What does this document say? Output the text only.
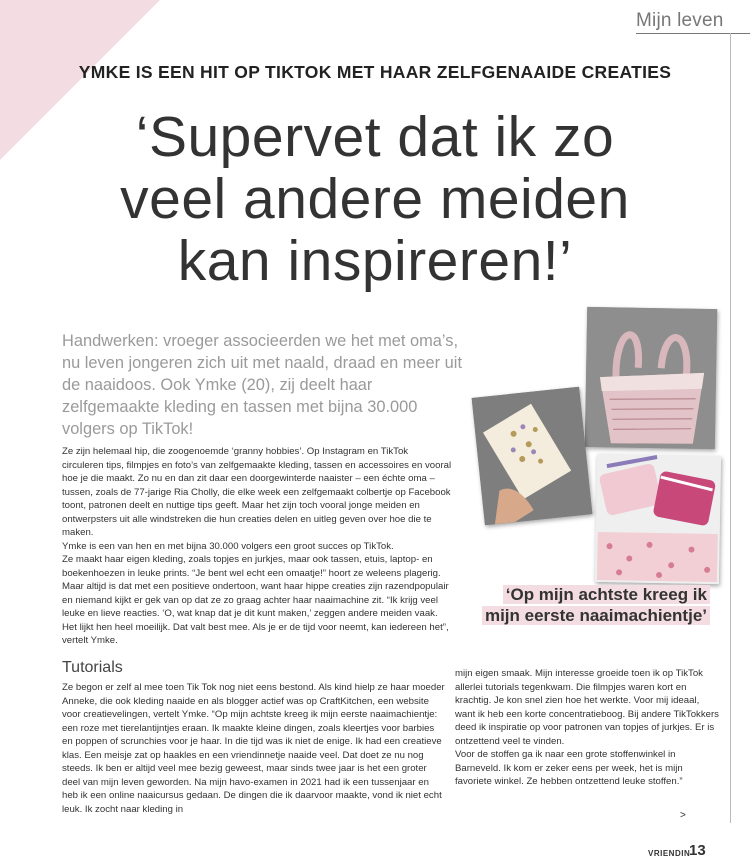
Mijn leven
YMKE IS EEN HIT OP TIKTOK MET HAAR ZELFGENAAIDE CREATIES
‘Supervet dat ik zo
veel andere meiden
kan inspireren!’
Handwerken: vroeger associeerden we het met oma’s, nu leven jongeren zich uit met naald, draad en meer uit de naaidoos. Ook Ymke (20), zij deelt haar zelfgemaakte kleding en tassen met bijna 30.000 volgers op TikTok!

Ze zijn helemaal hip, die zoogenoemde ‘granny hobbies’. Op Instagram en TikTok circuleren tips, filmpjes en foto’s van zelfgemaakte kleding, tassen en accessoires en vooral hoe je die maakt. Zo nu en dan zit daar een doorgewinterde naaister – een échte oma – tussen, zoals de 77-jarige Ria Cholly, die elke week een zelfgemaakt colbertje op Facebook toont, patronen deelt en nuttige tips geeft. Maar het zijn toch vooral jonge meiden en ontwerpsters uit alle windstreken die hun creaties delen en uitleg geven over hoe die te maken.

Ymke is een van hen en met bijna 30.000 volgers een groot succes op TikTok.

Ze maakt haar eigen kleding, zoals topjes en jurkjes, maar ook tassen, etuis, laptop- en boekenhoezen in leuke prints. “Je bent wel echt een omaatje!” hoort ze weleens plagerig. Maar altijd is dat met een positieve ondertoon, want haar hippe creaties zijn razendpopulair en niemand kijkt er gek van op dat ze zo graag achter haar naaimachine zit. “Ik krijg veel leuke en lieve reacties. ‘O, wat knap dat je dit kunt maken,’ zeggen andere meiden vaak. Het lijkt hen heel moeilijk. Dat valt best mee. Als je er de tijd voor neemt, kan iedereen het”, vertelt Ymke.

Tutorials

Ze begon er zelf al mee toen Tik Tok nog niet eens bestond. Als kind hielp ze haar moeder Anneke, die ook kleding naaide en als blogger actief was op CraftKitchen, een website voor creatievelingen, vertelt Ymke. “Op mijn achtste kreeg ik mijn eerste naaimachientje: een roze met tierelantijntjes eraan. Ik maakte kleine dingen, zoals kleertjes voor barbies en poppen of scrunchies voor je haar. In die tijd was ik niet de enige. Ik had een creatieve klas. Een meisje zat op haakles en een vriendinnetje naaide veel. Dat doet ze nu nog steeds. Ik ben er altijd veel mee bezig geweest, maar sinds twee jaar is het een groter deel van mijn leven geworden. Na mijn havo-examen in 2021 had ik een tussenjaar en heb ik een online naaicursus gedaan. De dingen die ik daarvoor maakte, vond ik niet echt leuk. Ik zocht naar kleding in

mijn eigen smaak. Mijn interesse groeide toen ik op TikTok allerlei tutorials tegenkwam. Die filmpjes waren kort en krachtig. Je kon snel zien hoe het werkte. Voor mij ideaal, want ik heb een korte concentratieboog. Bij andere TikTokkers deed ik inspiratie op voor patronen van topjes of jurkjes. Er is ontzettend veel te vinden.

Voor de stoffen ga ik naar een grote stoffenwinkel in Barneveld. Ik kom er zeker eens per week, het is mijn favoriete winkel. Ze hebben ontzettend leuke stoffen.”

‘Op mijn achtste kreeg ik mijn eerste naaimachientje’
>
VRIENDIN
13
